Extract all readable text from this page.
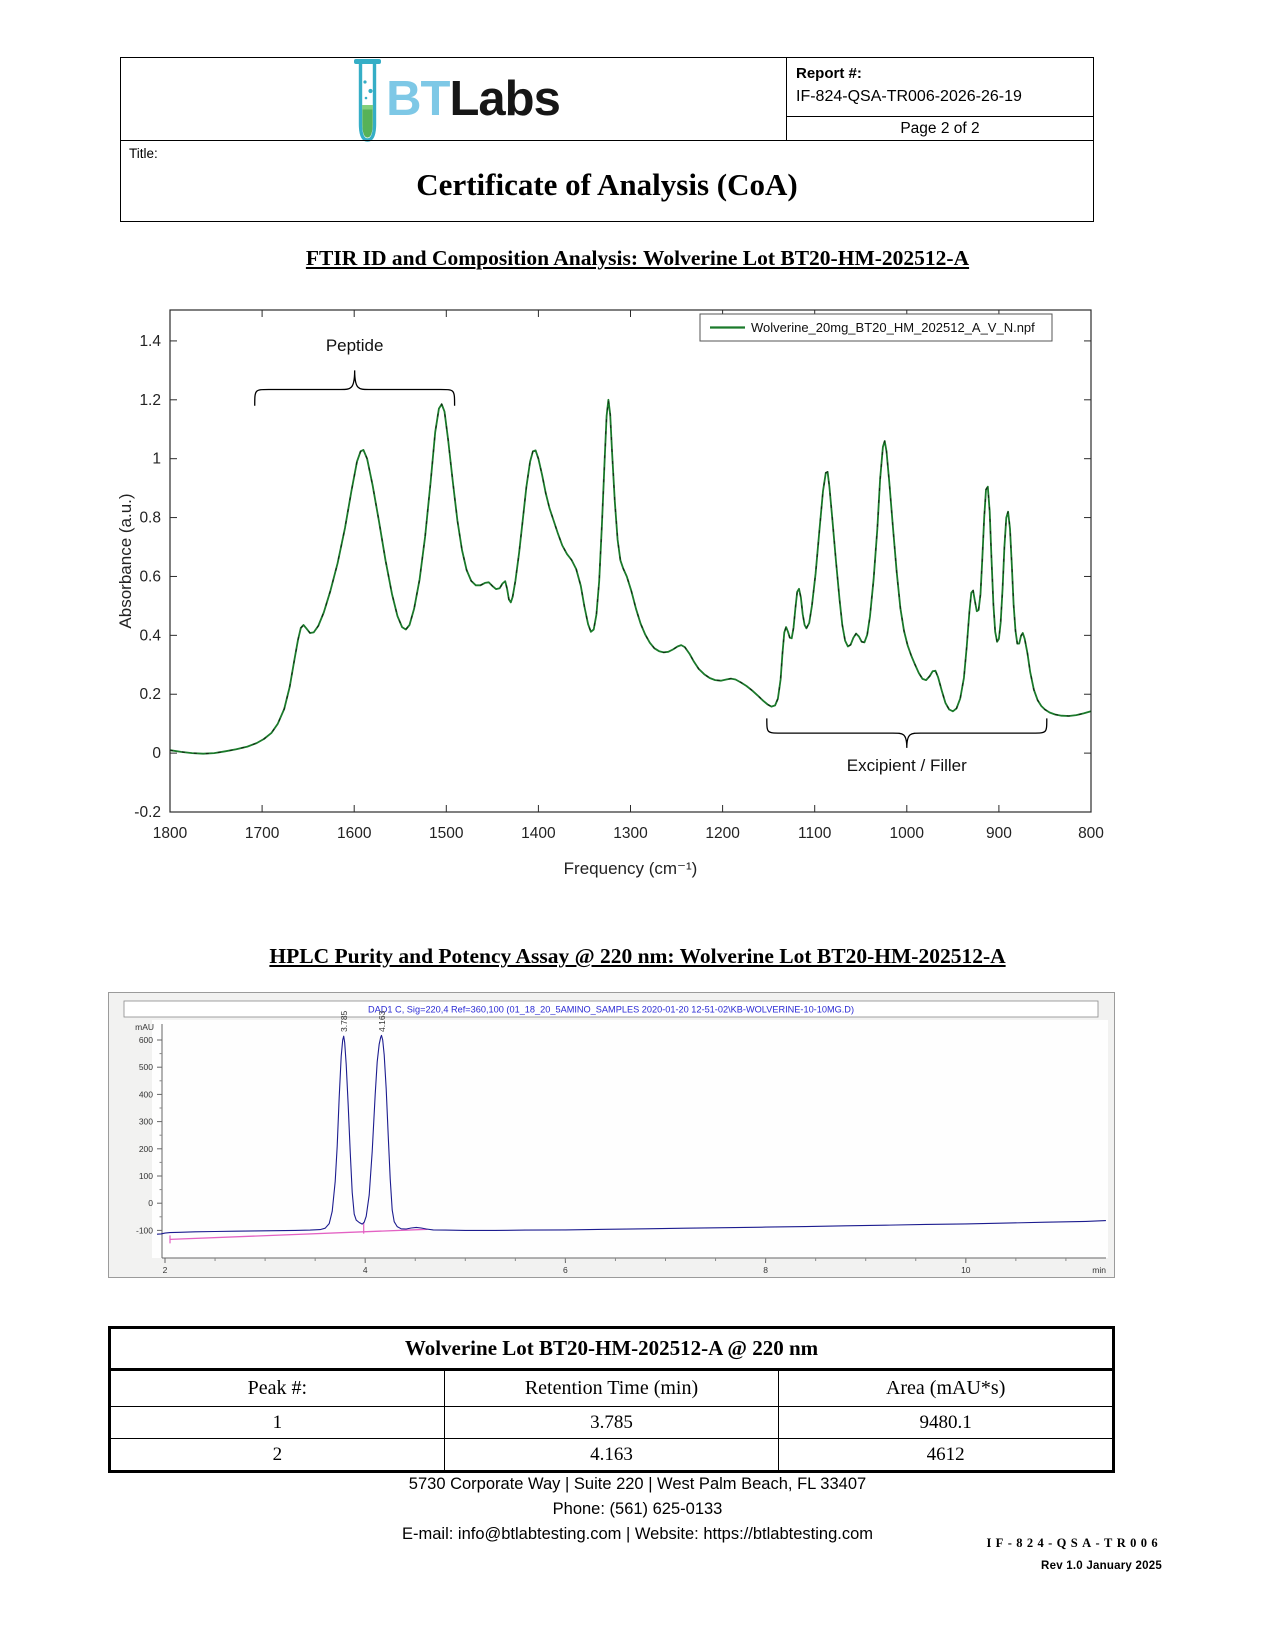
BT Labs	Report #:
IF-824-QSA-TR006-2026-26-19
Page 2 of 2
Title:
Certificate of Analysis (CoA)
FTIR ID and Composition Analysis: Wolverine Lot BT20-HM-202512-A
1800	1700	1600	1500	1400	1300	1200	1100	1000	900	800
-0.2
0
0.2
0.4
0.6
0.8
1
1.2
1.4
Absorbance (a.u.)
Frequency (cm⁻¹)
Wolverine_20mg_BT20_HM_202512_A_V_N.npf
Peptide
Excipient / Filler
HPLC Purity and Potency Assay @ 220 nm: Wolverine Lot BT20-HM-202512-A
DAD1 C, Sig=220,4 Ref=360,100 (01_18_20_5AMINO_SAMPLES 2020-01-20 12-51-02\KB-WOLVERINE-10-10MG.D)
mAU
600
500
400
300
200
100
0
-100
2	4	6	8	10	min
3.785	4.163
Wolverine Lot BT20-HM-202512-A @ 220 nm		
Peak #:	Retention Time (min)	Area (mAU*s)
1	3.785	9480.1
2	4.163	4612
5730 Corporate Way | Suite 220 | West Palm Beach, FL 33407
Phone: (561) 625-0133
E-mail: info@btlabtesting.com | Website: https://btlabtesting.com	IF-824-QSA-TR006
Rev 1.0 January 2025
